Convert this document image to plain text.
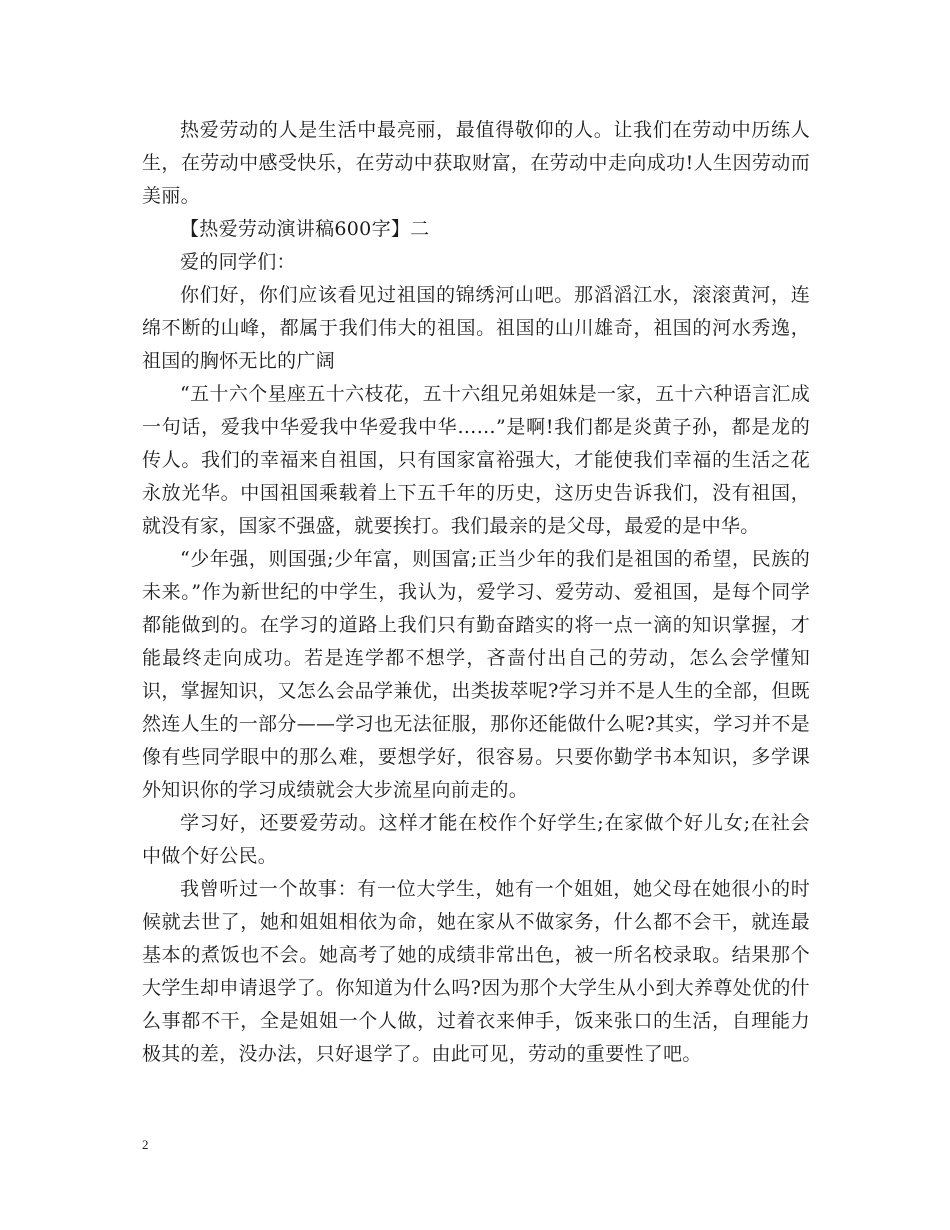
热爱劳动的人是生活中最亮丽，最值得敬仰的人。让我们在劳动中历练人生，在劳动中感受快乐，在劳动中获取财富，在劳动中走向成功!人生因劳动而美丽。

【热爱劳动演讲稿600字】二

爱的同学们：

你们好，你们应该看见过祖国的锦绣河山吧。那滔滔江水，滚滚黄河，连绵不断的山峰，都属于我们伟大的祖国。祖国的山川雄奇，祖国的河水秀逸，祖国的胸怀无比的广阔

“五十六个星座五十六枝花，五十六组兄弟姐妹是一家，五十六种语言汇成一句话，爱我中华爱我中华爱我中华……”是啊!我们都是炎黄子孙，都是龙的传人。我们的幸福来自祖国，只有国家富裕强大，才能使我们幸福的生活之花永放光华。中国祖国乘载着上下五千年的历史，这历史告诉我们，没有祖国，就没有家，国家不强盛，就要挨打。我们最亲的是父母，最爱的是中华。

“少年强，则国强;少年富，则国富;正当少年的我们是祖国的希望，民族的未来。”作为新世纪的中学生，我认为，爱学习、爱劳动、爱祖国，是每个同学都能做到的。在学习的道路上我们只有勤奋踏实的将一点一滴的知识掌握，才能最终走向成功。若是连学都不想学，吝啬付出自己的劳动，怎么会学懂知识，掌握知识，又怎么会品学兼优，出类拔萃呢?学习并不是人生的全部，但既然连人生的一部分——学习也无法征服，那你还能做什么呢?其实，学习并不是像有些同学眼中的那么难，要想学好，很容易。只要你勤学书本知识，多学课外知识你的学习成绩就会大步流星向前走的。

学习好，还要爱劳动。这样才能在校作个好学生;在家做个好儿女;在社会中做个好公民。

我曾听过一个故事：有一位大学生，她有一个姐姐，她父母在她很小的时候就去世了，她和姐姐相依为命，她在家从不做家务，什么都不会干，就连最基本的煮饭也不会。她高考了她的成绩非常出色，被一所名校录取。结果那个大学生却申请退学了。你知道为什么吗?因为那个大学生从小到大养尊处优的什么事都不干，全是姐姐一个人做，过着衣来伸手，饭来张口的生活，自理能力极其的差，没办法，只好退学了。由此可见，劳动的重要性了吧。

2
